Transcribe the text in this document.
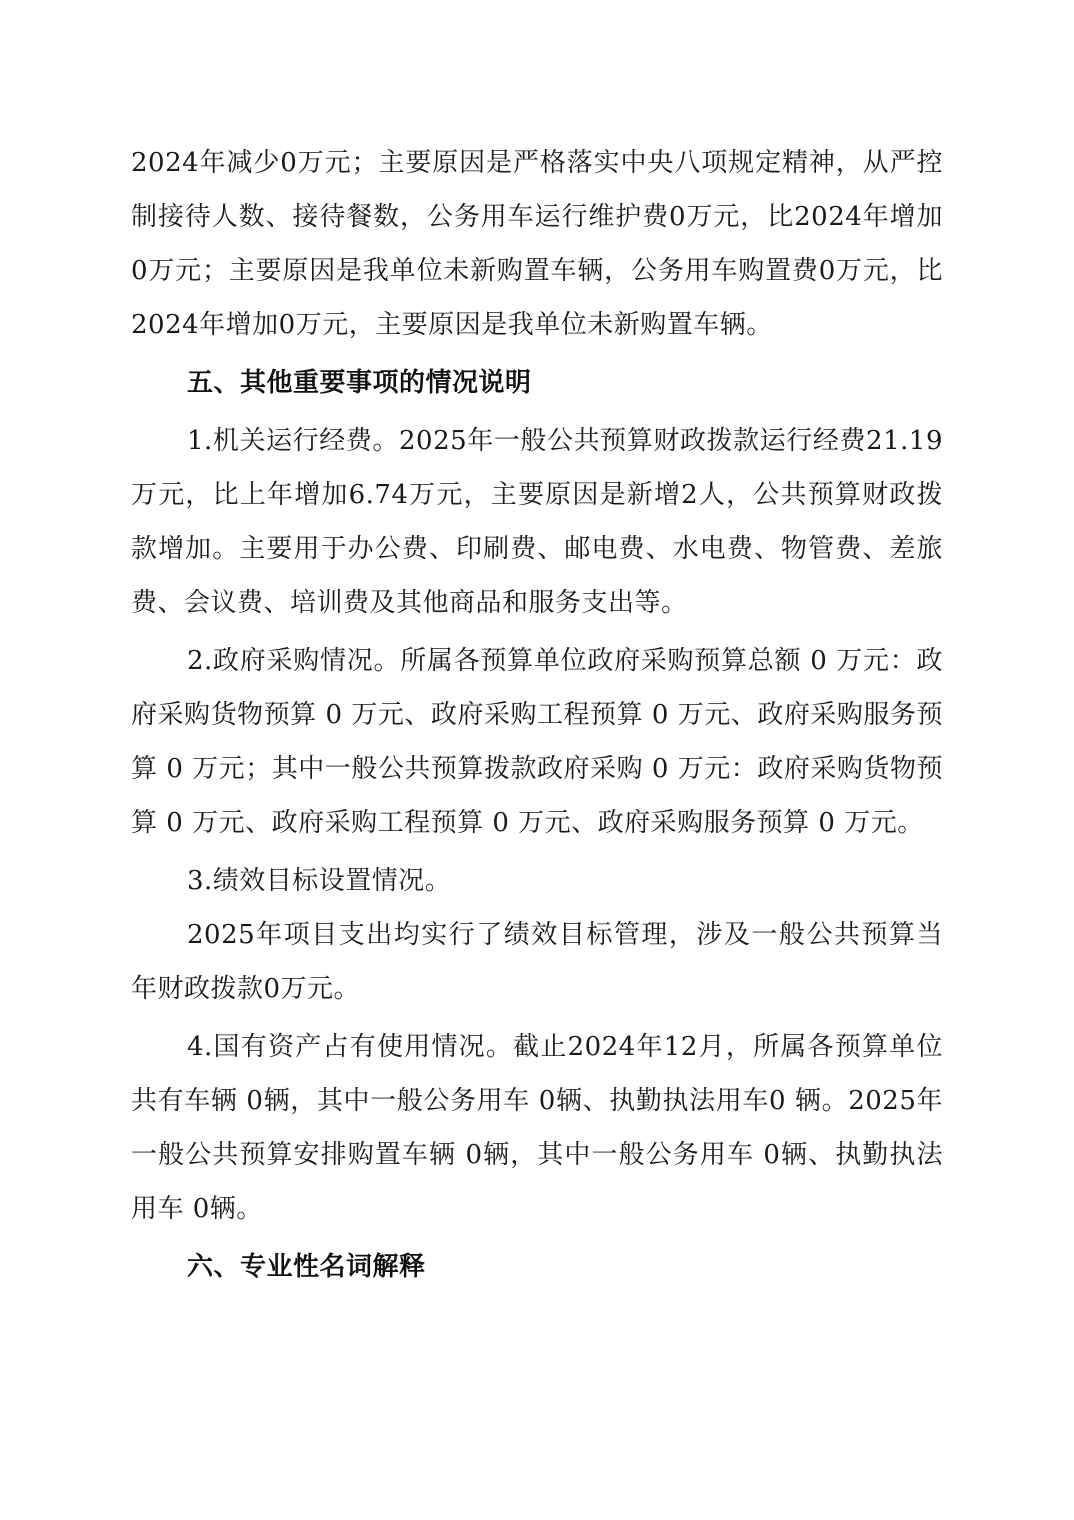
2024年减少0万元；主要原因是严格落实中央八项规定精神，从严控制接待人数、接待餐数，公务用车运行维护费0万元，比2024年增加0万元；主要原因是我单位未新购置车辆，公务用车购置费0万元，比2024年增加0万元，主要原因是我单位未新购置车辆。

五、其他重要事项的情况说明

1.机关运行经费。2025年一般公共预算财政拨款运行经费21.19万元，比上年增加6.74万元，主要原因是新增2人，公共预算财政拨款增加。主要用于办公费、印刷费、邮电费、水电费、物管费、差旅费、会议费、培训费及其他商品和服务支出等。

2.政府采购情况。所属各预算单位政府采购预算总额 0 万元：政府采购货物预算 0 万元、政府采购工程预算 0 万元、政府采购服务预算 0 万元；其中一般公共预算拨款政府采购 0 万元：政府采购货物预算 0 万元、政府采购工程预算 0 万元、政府采购服务预算 0 万元。

3.绩效目标设置情况。

2025年项目支出均实行了绩效目标管理，涉及一般公共预算当年财政拨款0万元。

4.国有资产占有使用情况。截止2024年12月，所属各预算单位共有车辆 0辆，其中一般公务用车 0辆、执勤执法用车0 辆。2025年一般公共预算安排购置车辆 0辆，其中一般公务用车 0辆、执勤执法用车 0辆。

六、专业性名词解释
